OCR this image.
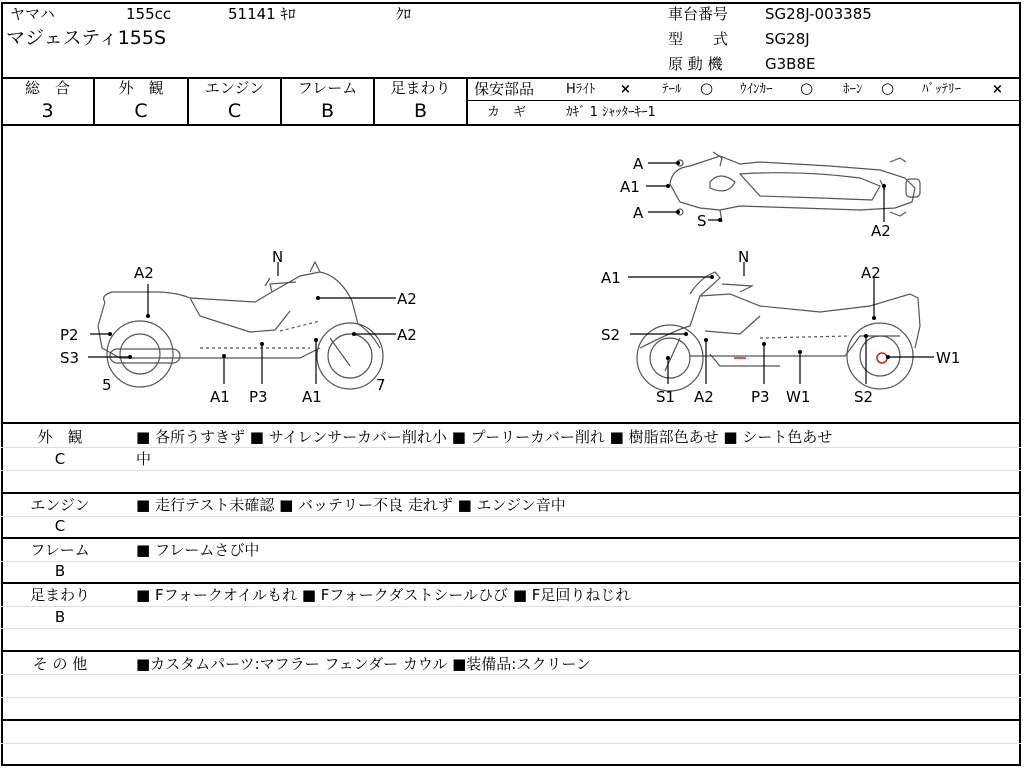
ヤマハ	155cc	51141 ｷﾛ	ｸﾛ
マジェスティ155S
車台番号 SG28J-003385
型　　式 SG28J
原 動 機	G3B8E
総　合
3
外　観
C
エンジン
C
フレーム
B
足まわり
B
保安部品 Hﾗｲﾄ × ﾃｰﾙ ○ ｳｲﾝｶｰ ○ ﾎｰﾝ ○ ﾊﾞｯﾃﾘｰ ×
カ　ギ	ｶｷﾞ 1 ｼｬｯﾀｰｷｰ1
N
A2
A2
A2
P2
S3
5
A1 P3 A1
7
N
A1	A2
S2
W1
S1 A2 P3 W1	S2
A
A1
A	S
A2
外　観
C
■ 各所うすきず ■ サイレンサーカバー削れ小 ■ プーリーカバー削れ ■ 樹脂部色あせ ■ シート色あせ
中
エンジン
C
■ 走行テスト未確認 ■ バッテリー不良 走れず ■ エンジン音中
フレーム
B
■ フレームさび中
足まわり
B
■ Fフォークオイルもれ ■ Fフォークダストシールひび ■ F足回りねじれ
そ の 他	■カスタムパーツ:マフラー フェンダー カウル ■装備品:スクリーン
